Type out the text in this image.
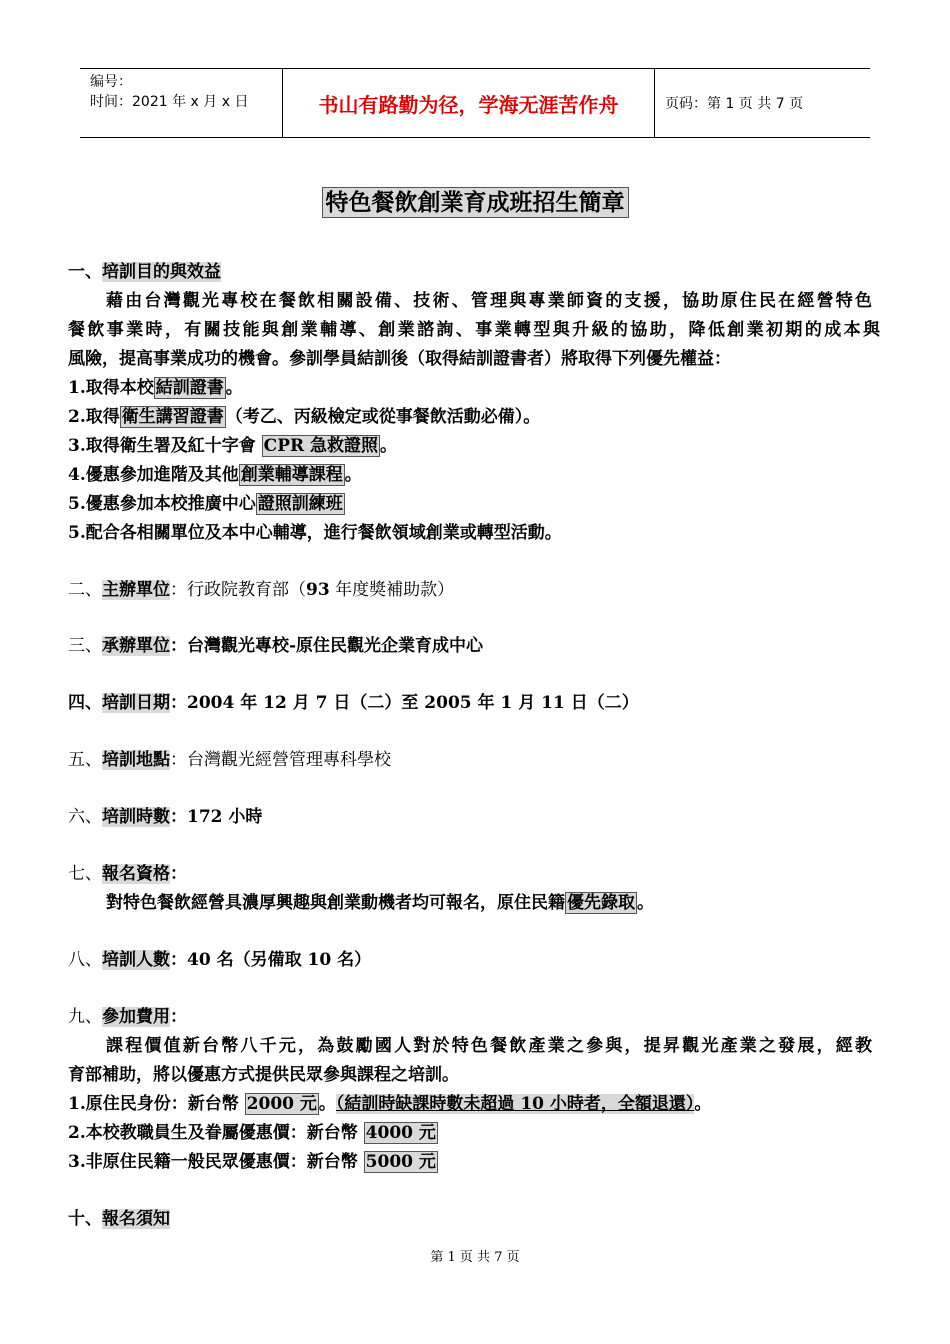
编号：
时间：2021 年 x 月 x 日	书山有路勤为径，学海无涯苦作舟	页码：第 1 页 共 7 页
特色餐飲創業育成班招生簡章
一、培訓目的與效益
藉由台灣觀光專校在餐飲相關設備、技術、管理與專業師資的支援，協助原住民在經營特色
餐飲事業時，有關技能與創業輔導、創業諮詢、事業轉型與升級的協助，降低創業初期的成本與
風險，提高事業成功的機會。參訓學員結訓後（取得結訓證書者）將取得下列優先權益：
1.取得本校 結訓證書 。
2.取得 衛生講習證書 （考乙、丙級檢定或從事餐飲活動必備）。
3.取得衛生署及紅十字會 CPR 急救證照 。
4.優惠參加進階及其他 創業輔導課程 。
5.優惠參加本校推廣中心 證照訓練班
5.配合各相關單位及本中心輔導，進行餐飲領域創業或轉型活動。
二、主辦單位：行政院教育部（93 年度獎補助款）
三、承辦單位：台灣觀光專校-原住民觀光企業育成中心
四、培訓日期：2004 年 12 月 7 日（二）至 2005 年 1 月 11 日（二）
五、培訓地點：台灣觀光經營管理專科學校
六、培訓時數：172 小時
七、報名資格：
對特色餐飲經營具濃厚興趣與創業動機者均可報名，原住民籍 優先錄取 。
八、培訓人數：40 名（另備取 10 名）
九、參加費用：
課程價值新台幣八千元，為鼓勵國人對於特色餐飲產業之參與，提昇觀光產業之發展，經教
育部補助，將以優惠方式提供民眾參與課程之培訓。
1.原住民身份：新台幣 2000 元 。（結訓時缺課時數未超過 10 小時者，全額退還）。
2.本校教職員生及眷屬優惠價：新台幣 4000 元
3.非原住民籍一般民眾優惠價：新台幣 5000 元
十、報名須知
第 1 页 共 7 页
